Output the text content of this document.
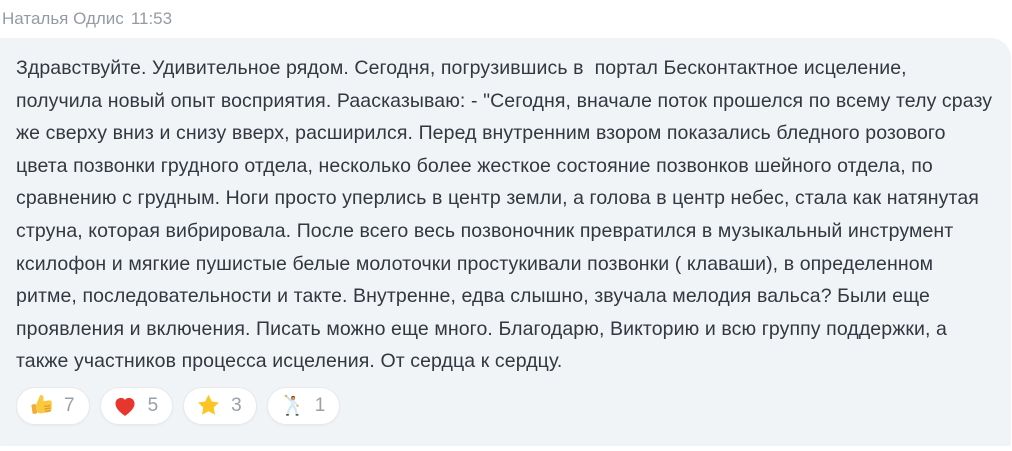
Наталья Одлис 11:53

Здравствуйте. Удивительное рядом. Сегодня, погрузившись в  портал Бесконтактное исцеление, получила новый опыт восприятия. Раасказываю: - "Сегодня, вначале поток прошелся по всему телу сразу же сверху вниз и снизу вверх, расширился. Перед внутренним взором показались бледного розового цвета позвонки грудного отдела, несколько более жесткое состояние позвонков шейного отдела, по сравнению с грудным. Ноги просто уперлись в центр земли, а голова в центр небес, стала как натянутая струна, которая вибрировала. После всего весь позвоночник превратился в музыкальный инструмент ксилофон и мягкие пушистые белые молоточки простукивали позвонки ( клаваши), в определенном ритме, последовательности и такте. Внутренне, едва слышно, звучала мелодия вальса? Были еще проявления и включения. Писать можно еще много. Благодарю, Викторию и всю группу поддержки, а также участников процесса исцеления. От сердца к сердцу.

7	5	3	1
